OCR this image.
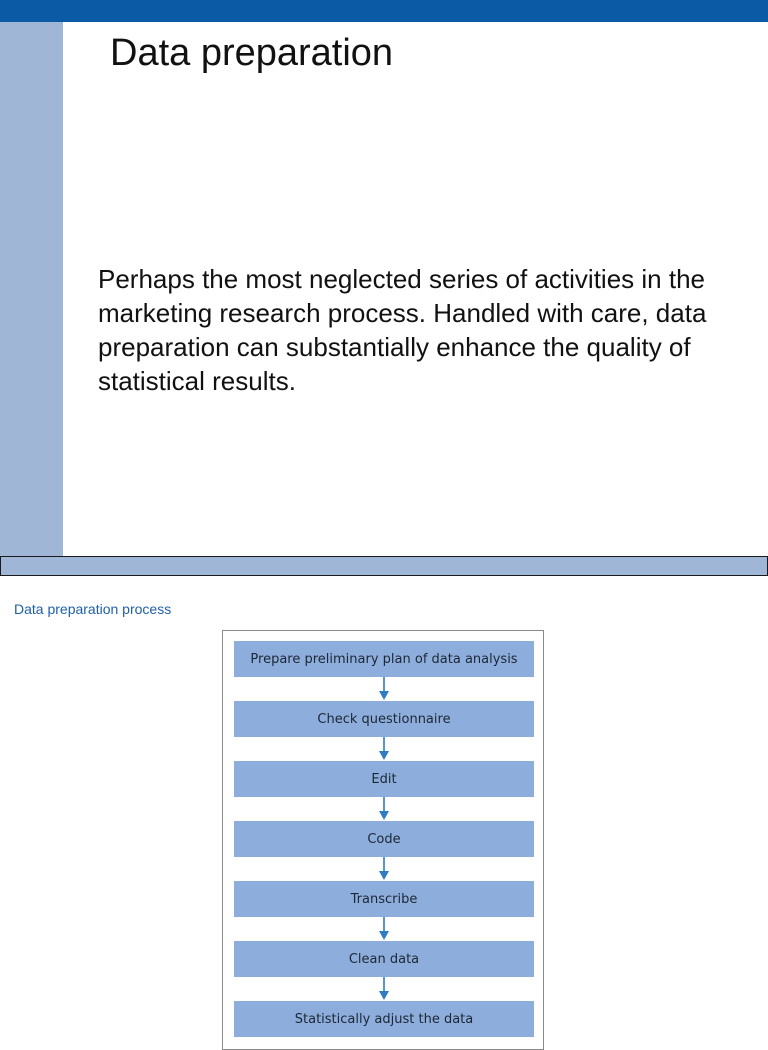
Data preparation
Perhaps the most neglected series of activities in the marketing research process. Handled with care, data preparation can substantially enhance the quality of statistical results.
Data preparation process
Prepare preliminary plan of data analysis
Check questionnaire
Edit
Code
Transcribe
Clean data
Statistically adjust the data
